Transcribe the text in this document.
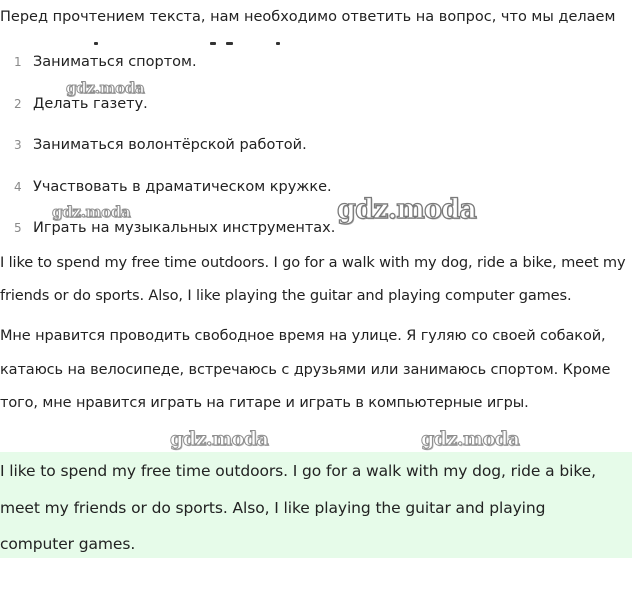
Перед прочтением текста, нам необходимо ответить на вопрос, что мы делаем
1 Заниматься спортом.
2 Делать газету.
3 Заниматься волонтёрской работой.
4 Участвовать в драматическом кружке.
5 Играть на музыкальных инструментах.
I like to spend my free time outdoors. I go for a walk with my dog, ride a bike, meet my friends or do sports. Also, I like playing the guitar and playing computer games.
Мне нравится проводить свободное время на улице. Я гуляю со своей собакой, катаюсь на велосипеде, встречаюсь с друзьями или занимаюсь спортом. Кроме того, мне нравится играть на гитаре и играть в компьютерные игры.
I like to spend my free time outdoors. I go for a walk with my dog, ride a bike, meet my friends or do sports. Also, I like playing the guitar and playing computer games.
gdz.moda
gdz.moda	gdz.moda
gdz.moda	gdz.moda
